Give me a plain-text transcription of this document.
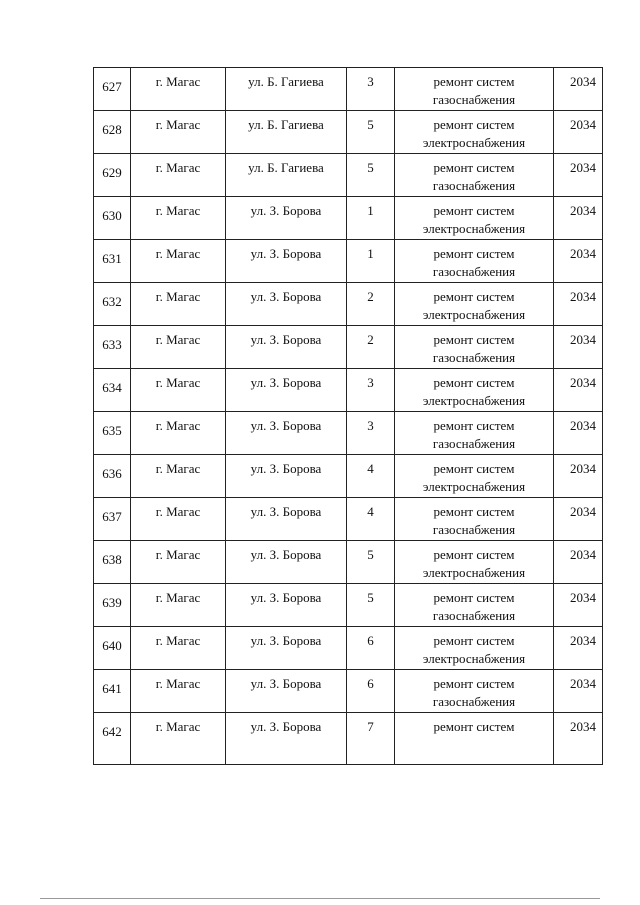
627	г. Магас	ул. Б. Гагиева	3	ремонт систем газоснабжения	2034
628	г. Магас	ул. Б. Гагиева	5	ремонт систем электроснабжения	2034
629	г. Магас	ул. Б. Гагиева	5	ремонт систем газоснабжения	2034
630	г. Магас	ул. З. Борова	1	ремонт систем электроснабжения	2034
631	г. Магас	ул. З. Борова	1	ремонт систем газоснабжения	2034
632	г. Магас	ул. З. Борова	2	ремонт систем электроснабжения	2034
633	г. Магас	ул. З. Борова	2	ремонт систем газоснабжения	2034
634	г. Магас	ул. З. Борова	3	ремонт систем электроснабжения	2034
635	г. Магас	ул. З. Борова	3	ремонт систем газоснабжения	2034
636	г. Магас	ул. З. Борова	4	ремонт систем электроснабжения	2034
637	г. Магас	ул. З. Борова	4	ремонт систем газоснабжения	2034
638	г. Магас	ул. З. Борова	5	ремонт систем электроснабжения	2034
639	г. Магас	ул. З. Борова	5	ремонт систем газоснабжения	2034
640	г. Магас	ул. З. Борова	6	ремонт систем электроснабжения	2034
641	г. Магас	ул. З. Борова	6	ремонт систем газоснабжения	2034
642	г. Магас	ул. З. Борова	7	ремонт систем	2034
